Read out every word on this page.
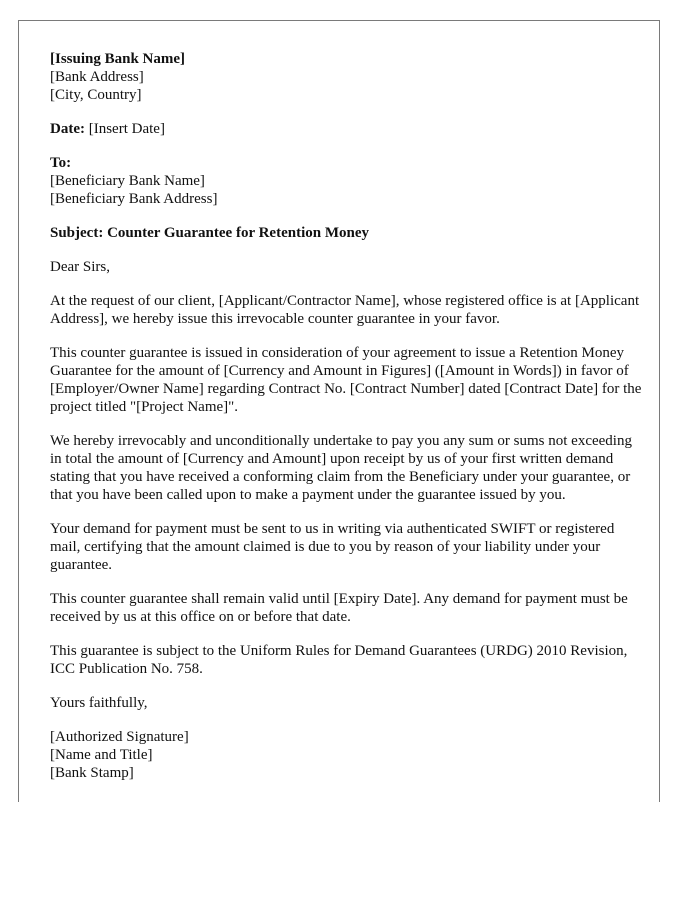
[Issuing Bank Name]
[Bank Address]
[City, Country]
Date: [Insert Date]
To:
[Beneficiary Bank Name]
[Beneficiary Bank Address]
Subject: Counter Guarantee for Retention Money
Dear Sirs,

At the request of our client, [Applicant/Contractor Name], whose registered office is at [Applicant Address], we hereby issue this irrevocable counter guarantee in your favor.

This counter guarantee is issued in consideration of your agreement to issue a Retention Money Guarantee for the amount of [Currency and Amount in Figures] ([Amount in Words]) in favor of [Employer/Owner Name] regarding Contract No. [Contract Number] dated [Contract Date] for the project titled "[Project Name]".

We hereby irrevocably and unconditionally undertake to pay you any sum or sums not exceeding in total the amount of [Currency and Amount] upon receipt by us of your first written demand stating that you have received a conforming claim from the Beneficiary under your guarantee, or that you have been called upon to make a payment under the guarantee issued by you.

Your demand for payment must be sent to us in writing via authenticated SWIFT or registered mail, certifying that the amount claimed is due to you by reason of your liability under your guarantee.

This counter guarantee shall remain valid until [Expiry Date]. Any demand for payment must be received by us at this office on or before that date.

This guarantee is subject to the Uniform Rules for Demand Guarantees (URDG) 2010 Revision, ICC Publication No. 758.

Yours faithfully,
[Authorized Signature]
[Name and Title]
[Bank Stamp]
